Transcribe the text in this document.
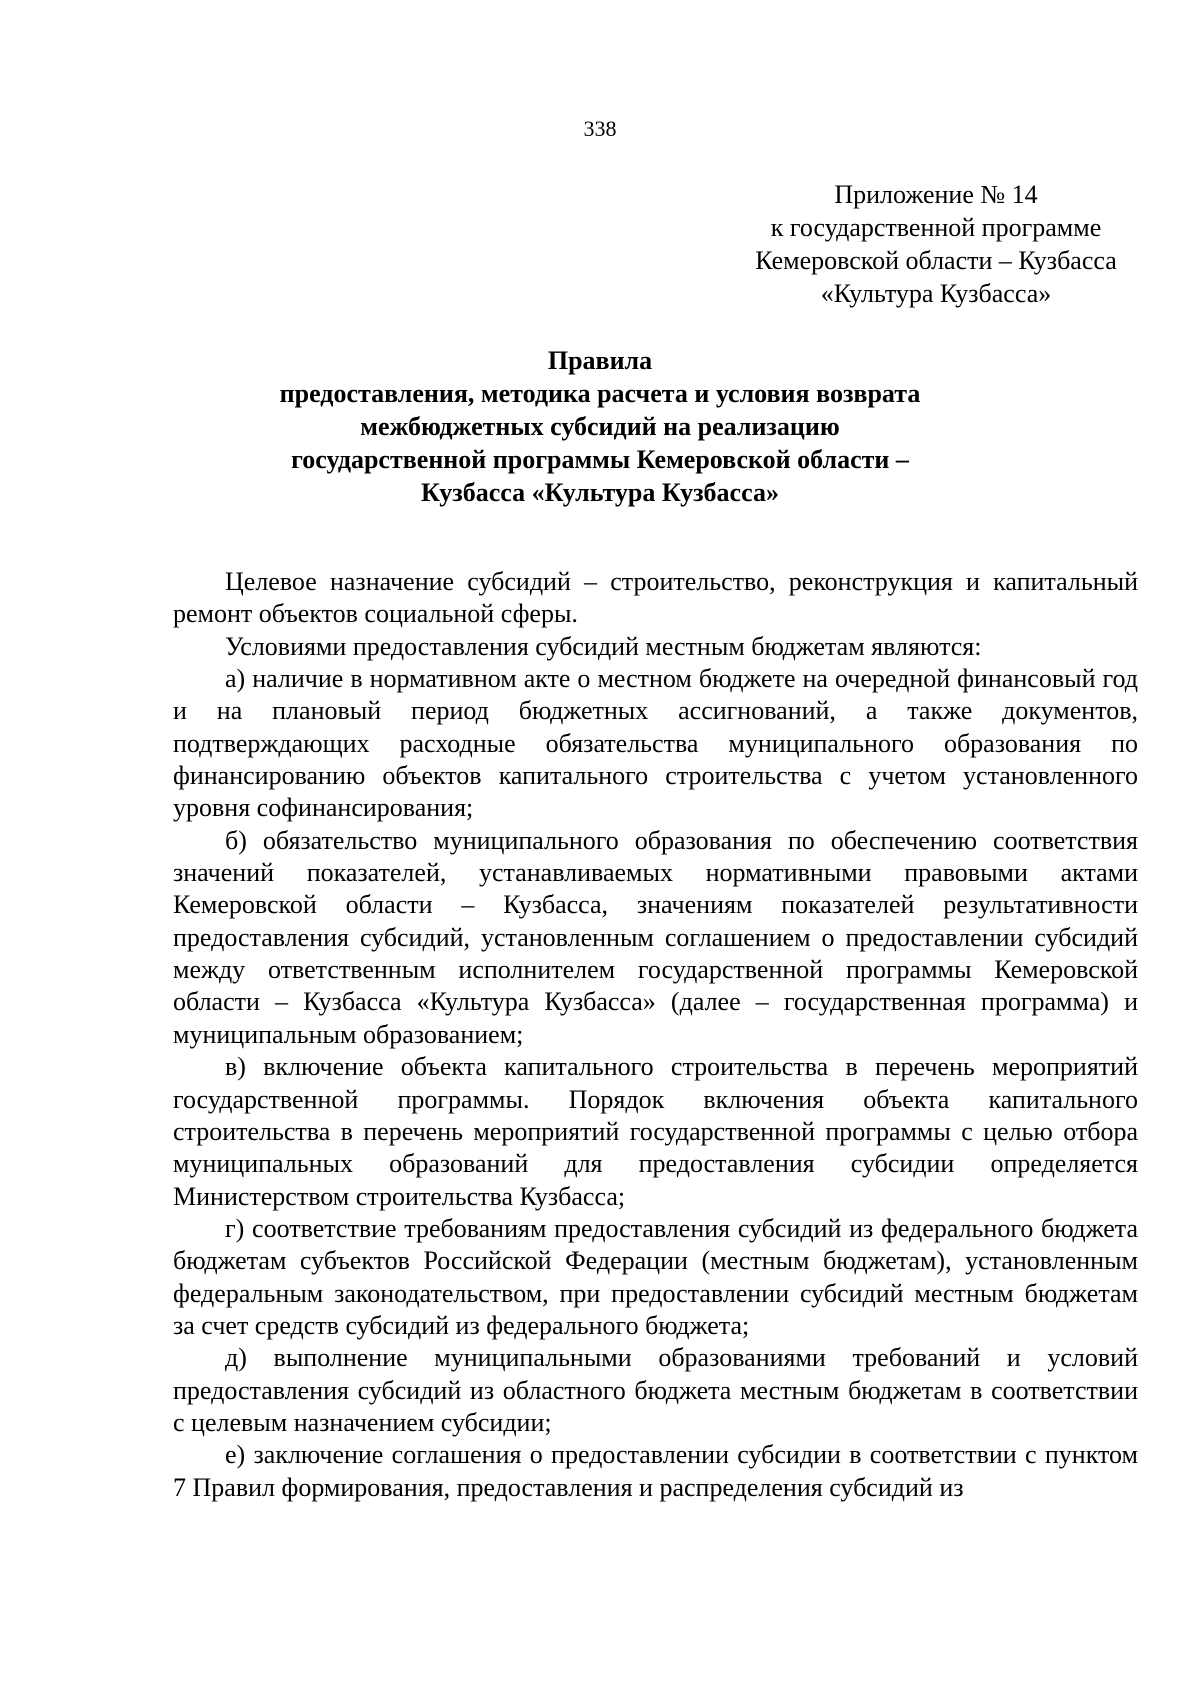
338
Приложение № 14
к государственной программе
Кемеровской области – Кузбасса
«Культура Кузбасса»
Правила
предоставления, методика расчета и условия возврата
межбюджетных субсидий на реализацию
государственной программы Кемеровской области –
Кузбасса «Культура Кузбасса»

Целевое назначение субсидий – строительство, реконструкция и капитальный ремонт объектов социальной сферы.

Условиями предоставления субсидий местным бюджетам являются:

а) наличие в нормативном акте о местном бюджете на очередной финансовый год и на плановый период бюджетных ассигнований, а также документов, подтверждающих расходные обязательства муниципального образования по финансированию объектов капитального строительства с учетом установленного уровня софинансирования;

б) обязательство муниципального образования по обеспечению соответствия значений показателей, устанавливаемых нормативными правовыми актами Кемеровской области – Кузбасса, значениям показателей результативности предоставления субсидий, установленным соглашением о предоставлении субсидий между ответственным исполнителем государственной программы Кемеровской области – Кузбасса «Культура Кузбасса» (далее – государственная программа) и муниципальным образованием;

в) включение объекта капитального строительства в перечень мероприятий государственной программы. Порядок включения объекта капитального строительства в перечень мероприятий государственной программы с целью отбора муниципальных образований для предоставления субсидии определяется Министерством строительства Кузбасса;

г) соответствие требованиям предоставления субсидий из федерального бюджета бюджетам субъектов Российской Федерации (местным бюджетам), установленным федеральным законодательством, при предоставлении субсидий местным бюджетам за счет средств субсидий из федерального бюджета;

д) выполнение муниципальными образованиями требований и условий предоставления субсидий из областного бюджета местным бюджетам в соответствии с целевым назначением субсидии;

е) заключение соглашения о предоставлении субсидии в соответствии с пунктом 7 Правил формирования, предоставления и распределения субсидий из
